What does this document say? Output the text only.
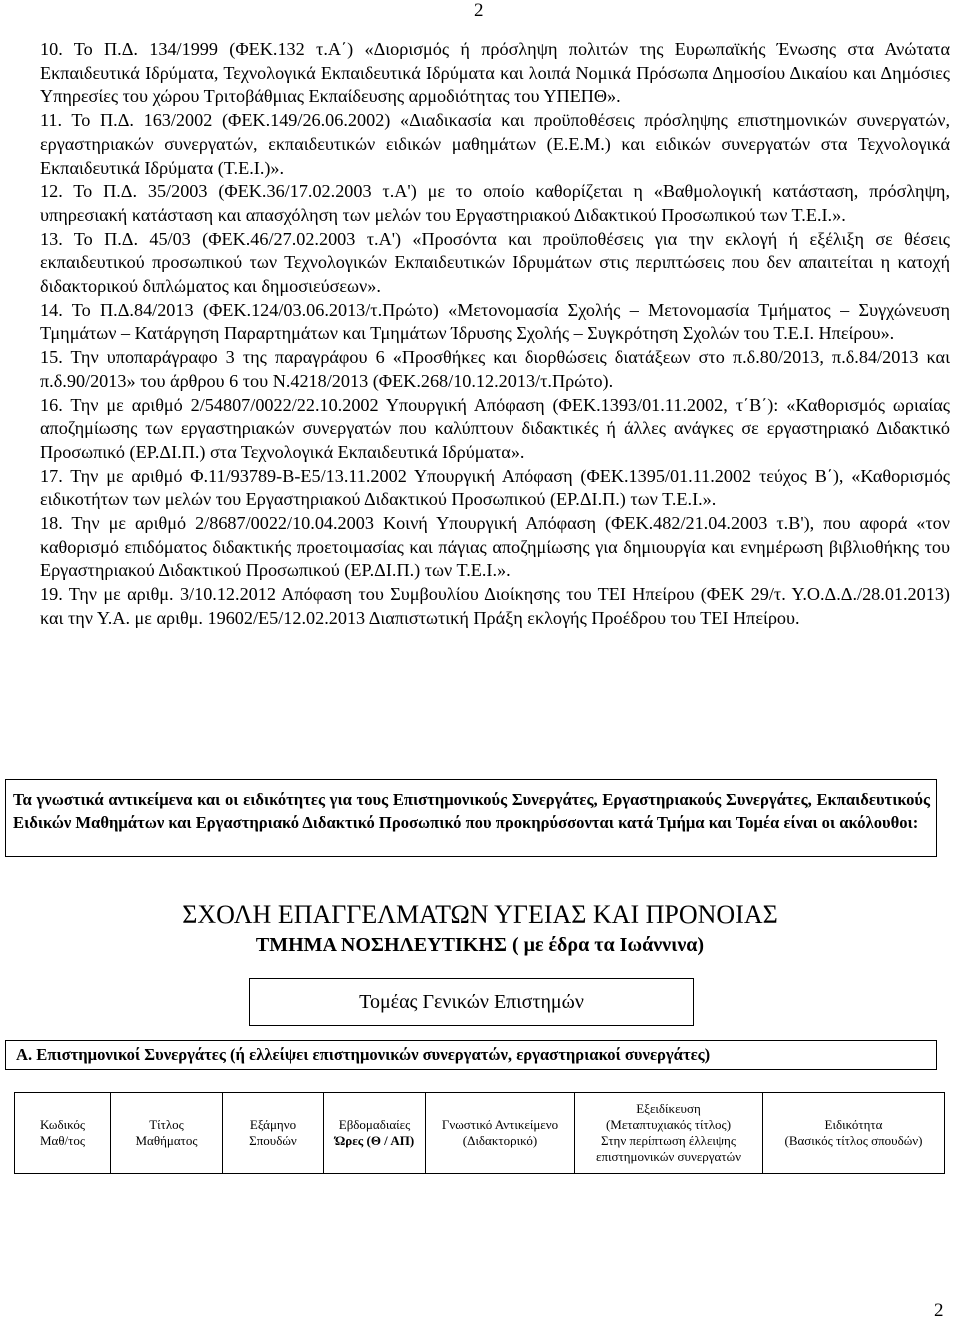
2

10. Το Π.Δ. 134/1999 (ΦΕΚ.132 τ.Α΄) «Διορισμός ή πρόσληψη πολιτών της Ευρωπαϊκής Ένωσης στα Ανώτατα Εκπαιδευτικά Ιδρύματα, Τεχνολογικά Εκπαιδευτικά Ιδρύματα και λοιπά Νομικά Πρόσωπα Δημοσίου Δικαίου και Δημόσιες Υπηρεσίες του χώρου Τριτοβάθμιας Εκπαίδευσης αρμοδιότητας του ΥΠΕΠΘ».

11. Το Π.Δ. 163/2002 (ΦΕΚ.149/26.06.2002) «Διαδικασία και προϋποθέσεις πρόσληψης επιστημονικών συνεργατών, εργαστηριακών συνεργατών, εκπαιδευτικών ειδικών μαθημάτων (Ε.Ε.Μ.) και ειδικών συνεργατών στα Τεχνολογικά Εκπαιδευτικά Ιδρύματα (Τ.Ε.Ι.)».

12. Το Π.Δ. 35/2003 (ΦΕΚ.36/17.02.2003 τ.Α') με το οποίο καθορίζεται η «Βαθμολογική κατάσταση, πρόσληψη, υπηρεσιακή κατάσταση και απασχόληση των μελών του Εργαστηριακού Διδακτικού Προσωπικού των Τ.Ε.Ι.».

13. Το Π.Δ. 45/03 (ΦΕΚ.46/27.02.2003 τ.Α') «Προσόντα και προϋποθέσεις για την εκλογή ή εξέλιξη σε θέσεις εκπαιδευτικού προσωπικού των Τεχνολογικών Εκπαιδευτικών Ιδρυμάτων στις περιπτώσεις που δεν απαιτείται η κατοχή διδακτορικού διπλώματος και δημοσιεύσεων».

14. Το Π.Δ.84/2013 (ΦΕΚ.124/03.06.2013/τ.Πρώτο) «Μετονομασία Σχολής – Μετονομασία Τμήματος – Συγχώνευση Τμημάτων – Κατάργηση Παραρτημάτων και Τμημάτων Ίδρυσης Σχολής – Συγκρότηση Σχολών του Τ.Ε.Ι. Ηπείρου».

15. Την υποπαράγραφο 3 της παραγράφου 6 «Προσθήκες και διορθώσεις διατάξεων στο π.δ.80/2013, π.δ.84/2013 και π.δ.90/2013» του άρθρου 6 του Ν.4218/2013 (ΦΕΚ.268/10.12.2013/τ.Πρώτο).

16. Την με αριθμό 2/54807/0022/22.10.2002 Υπουργική Απόφαση (ΦΕΚ.1393/01.11.2002, τ΄Β΄): «Καθορισμός ωριαίας αποζημίωσης των εργαστηριακών συνεργατών που καλύπτουν διδακτικές ή άλλες ανάγκες σε εργαστηριακό Διδακτικό Προσωπικό (ΕΡ.ΔΙ.Π.) στα Τεχνολογικά Εκπαιδευτικά Ιδρύματα».

17. Την με αριθμό Φ.11/93789-Β-Ε5/13.11.2002 Υπουργική Απόφαση (ΦΕΚ.1395/01.11.2002 τεύχος Β΄), «Καθορισμός ειδικοτήτων των μελών του Εργαστηριακού Διδακτικού Προσωπικού (ΕΡ.ΔΙ.Π.) των Τ.Ε.Ι.».

18. Την με αριθμό 2/8687/0022/10.04.2003 Κοινή Υπουργική Απόφαση (ΦΕΚ.482/21.04.2003 τ.Β'), που αφορά «τον καθορισμό επιδόματος διδακτικής προετοιμασίας και πάγιας αποζημίωσης για δημιουργία και ενημέρωση βιβλιοθήκης του Εργαστηριακού Διδακτικού Προσωπικού (ΕΡ.ΔΙ.Π.) των Τ.Ε.Ι.».

19. Την με αριθμ. 3/10.12.2012 Απόφαση του Συμβουλίου Διοίκησης του ΤΕΙ Ηπείρου (ΦΕΚ 29/τ. Υ.Ο.Δ.Δ./28.01.2013) και την Υ.Α. με αριθμ. 19602/Ε5/12.02.2013 Διαπιστωτική Πράξη εκλογής Προέδρου του ΤΕΙ Ηπείρου.

Τα γνωστικά αντικείμενα και οι ειδικότητες για τους Επιστημονικούς Συνεργάτες, Εργαστηριακούς Συνεργάτες, Εκπαιδευτικούς Ειδικών Μαθημάτων και Εργαστηριακό Διδακτικό Προσωπικό που προκηρύσσονται κατά Τμήμα και Τομέα είναι οι ακόλουθοι:
ΣΧΟΛΗ ΕΠΑΓΓΕΛΜΑΤΩΝ ΥΓΕΙΑΣ ΚΑΙ ΠΡΟΝΟΙΑΣ
ΤΜΗΜΑ ΝΟΣΗΛΕΥΤΙΚΗΣ ( με έδρα τα Ιωάννινα)
Τομέας Γενικών Επιστημών
Α. Επιστημονικοί Συνεργάτες (ή ελλείψει επιστημονικών συνεργατών, εργαστηριακοί συνεργάτες)
Κωδικός
Μαθ/τος

Τίτλος
Μαθήματος

Εξάμηνο
Σπουδών

Εβδομαδιαίες
Ώρες (Θ / ΑΠ)

Γνωστικό Αντικείμενο
(Διδακτορικό)

Εξειδίκευση
(Μεταπτυχιακός τίτλος)
Στην περίπτωση έλλειψης
επιστημονικών συνεργατών

Ειδικότητα
(Βασικός τίτλος σπουδών)
2
